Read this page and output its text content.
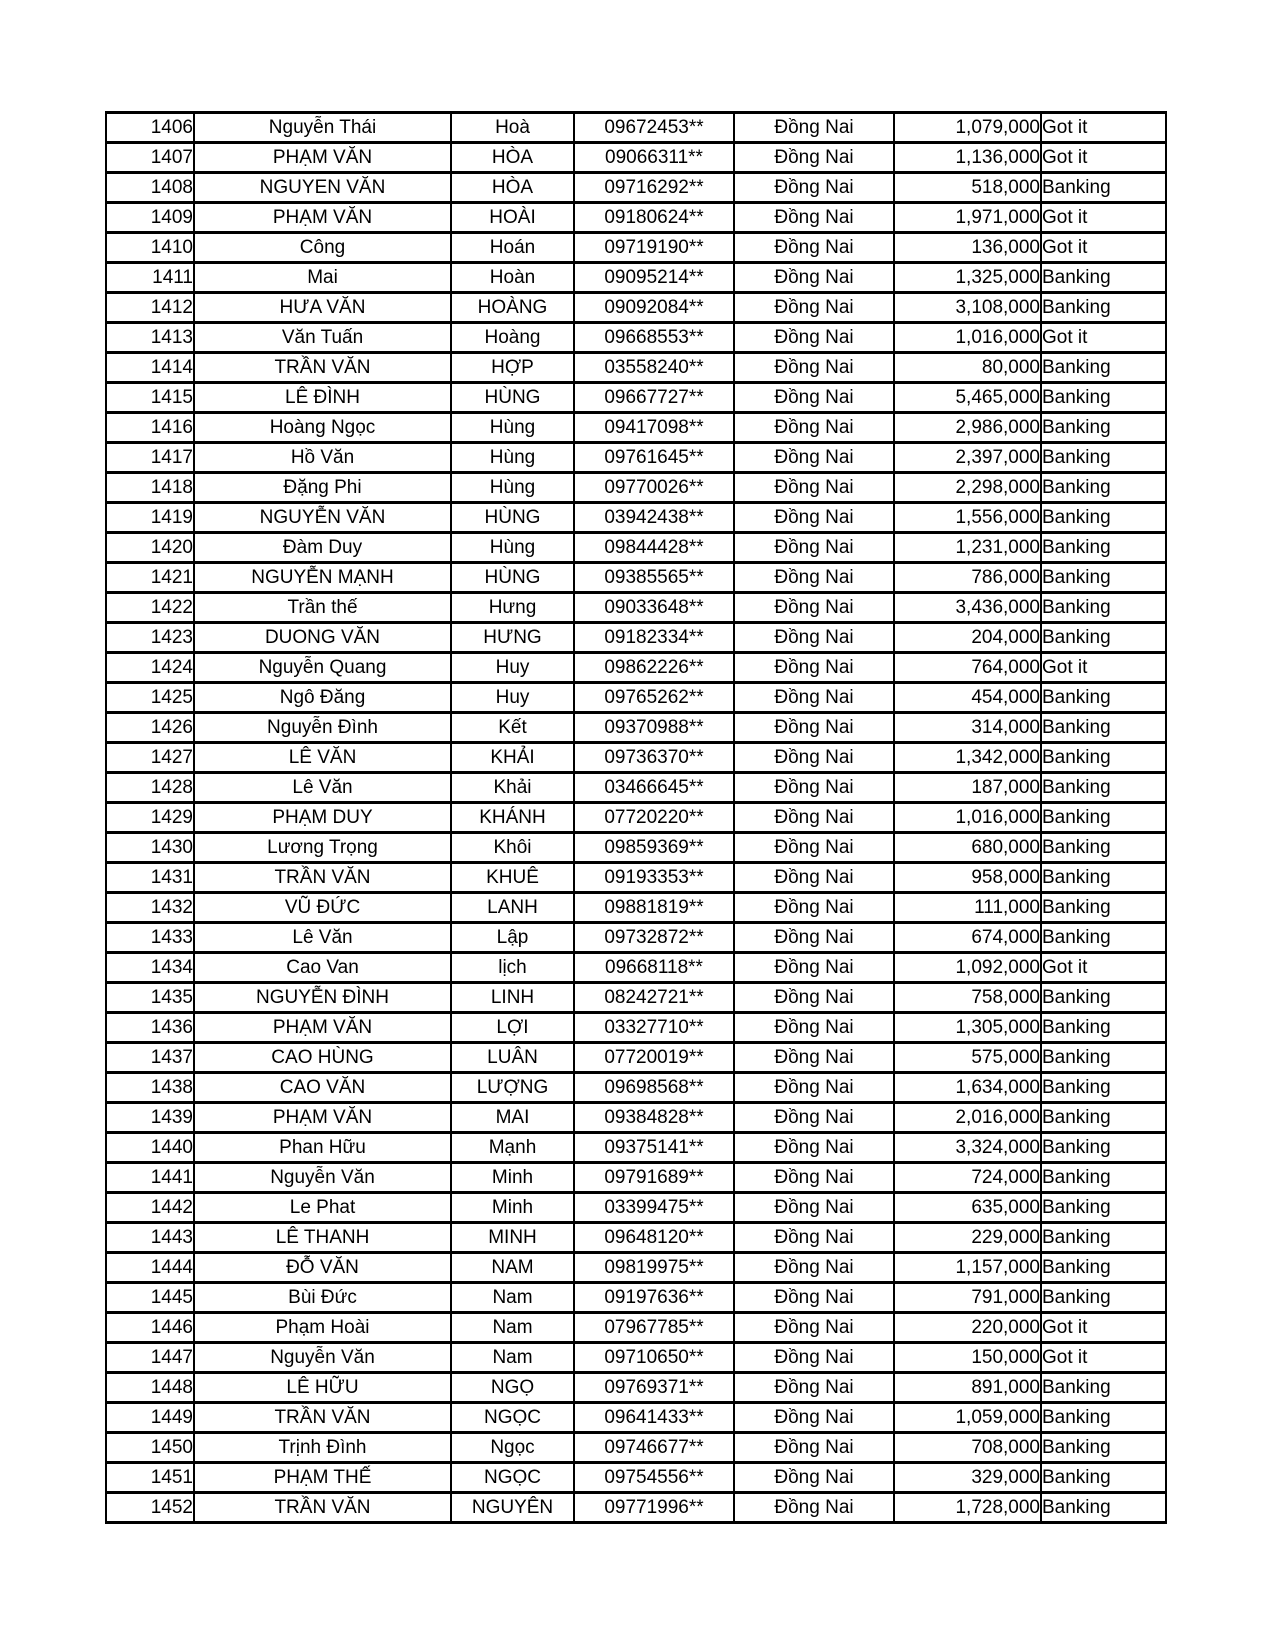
1406	Nguyễn Thái	Hoà	09672453**	Đồng Nai	1,079,000	Got it
1407	PHẠM VĂN	HÒA	09066311**	Đồng Nai	1,136,000	Got it
1408	NGUYEN VĂN	HÒA	09716292**	Đồng Nai	518,000	Banking
1409	PHẠM VĂN	HOÀI	09180624**	Đồng Nai	1,971,000	Got it
1410	Công	Hoán	09719190**	Đồng Nai	136,000	Got it
1411	Mai	Hoàn	09095214**	Đồng Nai	1,325,000	Banking
1412	HƯA VĂN	HOÀNG	09092084**	Đồng Nai	3,108,000	Banking
1413	Văn Tuấn	Hoàng	09668553**	Đồng Nai	1,016,000	Got it
1414	TRẦN VĂN	HỢP	03558240**	Đồng Nai	80,000	Banking
1415	LÊ ĐÌNH	HÙNG	09667727**	Đồng Nai	5,465,000	Banking
1416	Hoàng Ngọc	Hùng	09417098**	Đồng Nai	2,986,000	Banking
1417	Hồ Văn	Hùng	09761645**	Đồng Nai	2,397,000	Banking
1418	Đặng Phi	Hùng	09770026**	Đồng Nai	2,298,000	Banking
1419	NGUYỄN VĂN	HÙNG	03942438**	Đồng Nai	1,556,000	Banking
1420	Đàm Duy	Hùng	09844428**	Đồng Nai	1,231,000	Banking
1421	NGUYỄN MẠNH	HÙNG	09385565**	Đồng Nai	786,000	Banking
1422	Trần thế	Hưng	09033648**	Đồng Nai	3,436,000	Banking
1423	DUONG VĂN	HƯNG	09182334**	Đồng Nai	204,000	Banking
1424	Nguyễn Quang	Huy	09862226**	Đồng Nai	764,000	Got it
1425	Ngô Đăng	Huy	09765262**	Đồng Nai	454,000	Banking
1426	Nguyễn Đình	Kết	09370988**	Đồng Nai	314,000	Banking
1427	LÊ VĂN	KHẢI	09736370**	Đồng Nai	1,342,000	Banking
1428	Lê Văn	Khải	03466645**	Đồng Nai	187,000	Banking
1429	PHẠM DUY	KHÁNH	07720220**	Đồng Nai	1,016,000	Banking
1430	Lương Trọng	Khôi	09859369**	Đồng Nai	680,000	Banking
1431	TRẦN VĂN	KHUÊ	09193353**	Đồng Nai	958,000	Banking
1432	VŨ ĐỨC	LANH	09881819**	Đồng Nai	111,000	Banking
1433	Lê Văn	Lập	09732872**	Đồng Nai	674,000	Banking
1434	Cao Van	lịch	09668118**	Đồng Nai	1,092,000	Got it
1435	NGUYỄN ĐÌNH	LINH	08242721**	Đồng Nai	758,000	Banking
1436	PHẠM VĂN	LỢI	03327710**	Đồng Nai	1,305,000	Banking
1437	CAO HÙNG	LUÂN	07720019**	Đồng Nai	575,000	Banking
1438	CAO VĂN	LƯỢNG	09698568**	Đồng Nai	1,634,000	Banking
1439	PHẠM VĂN	MAI	09384828**	Đồng Nai	2,016,000	Banking
1440	Phan Hữu	Mạnh	09375141**	Đồng Nai	3,324,000	Banking
1441	Nguyễn Văn	Minh	09791689**	Đồng Nai	724,000	Banking
1442	Le Phat	Minh	03399475**	Đồng Nai	635,000	Banking
1443	LÊ THANH	MINH	09648120**	Đồng Nai	229,000	Banking
1444	ĐỖ VĂN	NAM	09819975**	Đồng Nai	1,157,000	Banking
1445	Bùi Đức	Nam	09197636**	Đồng Nai	791,000	Banking
1446	Phạm Hoài	Nam	07967785**	Đồng Nai	220,000	Got it
1447	Nguyễn Văn	Nam	09710650**	Đồng Nai	150,000	Got it
1448	LÊ HỮU	NGỌ	09769371**	Đồng Nai	891,000	Banking
1449	TRẦN VĂN	NGỌC	09641433**	Đồng Nai	1,059,000	Banking
1450	Trịnh Đình	Ngọc	09746677**	Đồng Nai	708,000	Banking
1451	PHẠM THẾ	NGỌC	09754556**	Đồng Nai	329,000	Banking
1452	TRẦN VĂN	NGUYÊN	09771996**	Đồng Nai	1,728,000	Banking
